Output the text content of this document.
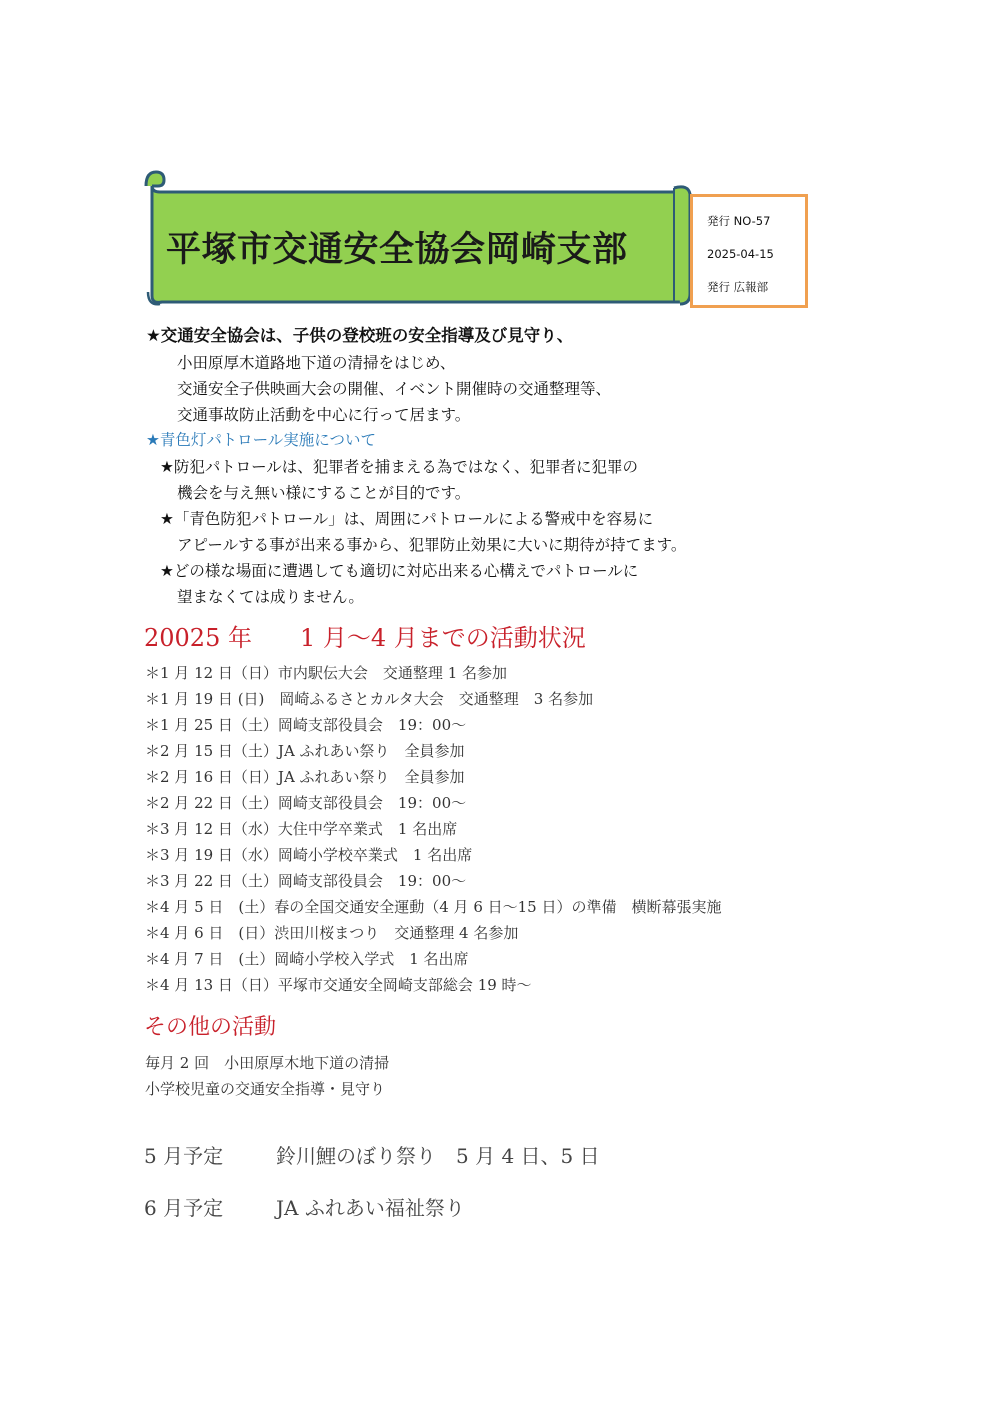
平塚市交通安全協会岡崎支部
発行 NO-57
2025-04-15
発行 広報部
★交通安全協会は、子供の登校班の安全指導及び見守り、
小田原厚木道路地下道の清掃をはじめ、
交通安全子供映画大会の開催、イベント開催時の交通整理等、
交通事故防止活動を中心に行って居ます。
★青色灯パトロール実施について
★防犯パトロールは、犯罪者を捕まえる為ではなく、犯罪者に犯罪の
機会を与え無い様にすることが目的です。
★「青色防犯パトロール」は、周囲にパトロールによる警戒中を容易に
アピールする事が出来る事から、犯罪防止効果に大いに期待が持てます。
★どの様な場面に遭遇しても適切に対応出来る心構えでパトロールに
望まなくては成りません。
20025 年　　1 月～4 月までの活動状況
＊1 月 12 日（日）市内駅伝大会　交通整理 1 名参加
＊1 月 19 日 (日)　岡崎ふるさとカルタ大会　交通整理　3 名参加
＊1 月 25 日（土）岡崎支部役員会　19：00～
＊2 月 15 日（土）JA ふれあい祭り　全員参加
＊2 月 16 日（日）JA ふれあい祭り　全員参加
＊2 月 22 日（土）岡崎支部役員会　19：00～
＊3 月 12 日（水）大住中学卒業式　1 名出席
＊3 月 19 日（水）岡崎小学校卒業式　1 名出席
＊3 月 22 日（土）岡崎支部役員会　19：00～
＊4 月 5 日　(土）春の全国交通安全運動（4 月 6 日～15 日）の準備　横断幕張実施
＊4 月 6 日　(日）渋田川桜まつり　交通整理 4 名参加
＊4 月 7 日　(土）岡崎小学校入学式　1 名出席
＊4 月 13 日（日）平塚市交通安全岡崎支部総会 19 時～
その他の活動
毎月 2 回　小田原厚木地下道の清掃
小学校児童の交通安全指導・見守り
5 月予定	鈴川鯉のぼり祭り　5 月 4 日、5 日
6 月予定	JA ふれあい福祉祭り
